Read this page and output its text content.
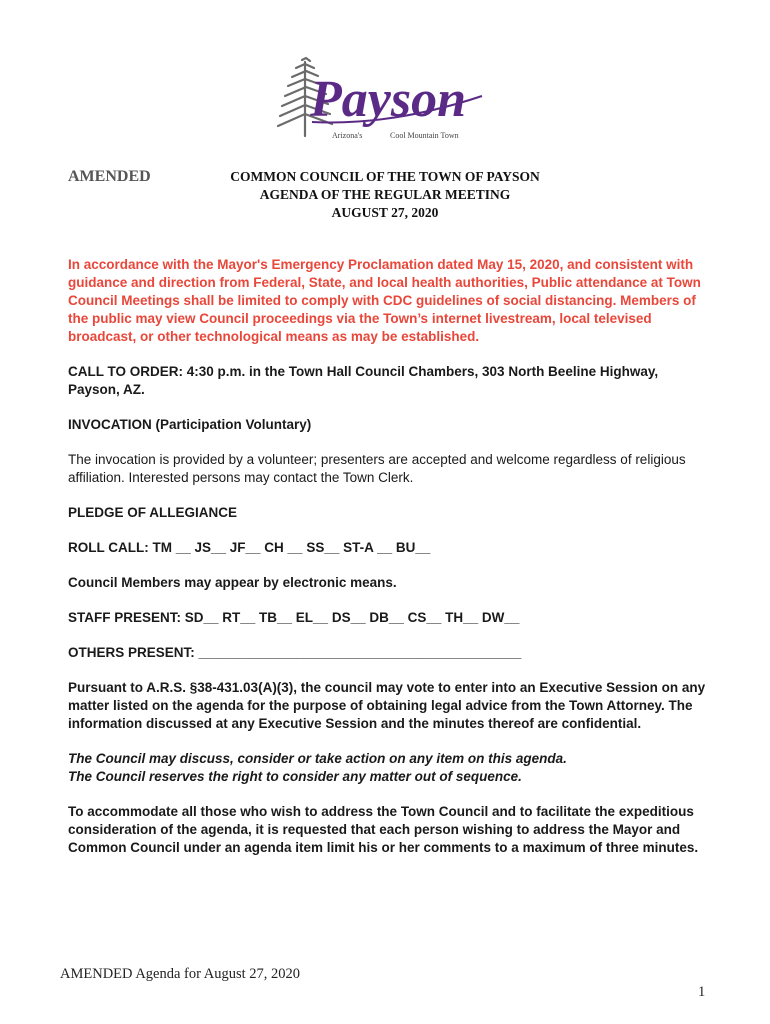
Payson
Arizona's	Cool Mountain Town
AMENDED	COMMON COUNCIL OF THE TOWN OF PAYSON
AGENDA OF THE REGULAR MEETING
AUGUST 27, 2020

In accordance with the Mayor's Emergency Proclamation dated May 15, 2020, and consistent with guidance and direction from Federal, State, and local health authorities, Public attendance at Town Council Meetings shall be limited to comply with CDC guidelines of social distancing. Members of the public may view Council proceedings via the Town’s internet livestream, local televised broadcast, or other technological means as may be established.

CALL TO ORDER: 4:30 p.m. in the Town Hall Council Chambers, 303 North Beeline Highway, Payson, AZ.

INVOCATION (Participation Voluntary)

The invocation is provided by a volunteer; presenters are accepted and welcome regardless of religious affiliation. Interested persons may contact the Town Clerk.

PLEDGE OF ALLEGIANCE

ROLL CALL: TM __ JS__ JF__ CH __ SS__ ST-A __ BU__

Council Members may appear by electronic means.

STAFF PRESENT: SD__ RT__ TB__ EL__ DS__ DB__ CS__ TH__ DW__

OTHERS PRESENT: ___________________________________________

Pursuant to A.R.S. §38-431.03(A)(3), the council may vote to enter into an Executive Session on any matter listed on the agenda for the purpose of obtaining legal advice from the Town Attorney. The information discussed at any Executive Session and the minutes thereof are confidential.

The Council may discuss, consider or take action on any item on this agenda.

The Council reserves the right to consider any matter out of sequence.

To accommodate all those who wish to address the Town Council and to facilitate the expeditious consideration of the agenda, it is requested that each person wishing to address the Mayor and Common Council under an agenda item limit his or her comments to a maximum of three minutes.

AMENDED Agenda for August 27, 2020
1
